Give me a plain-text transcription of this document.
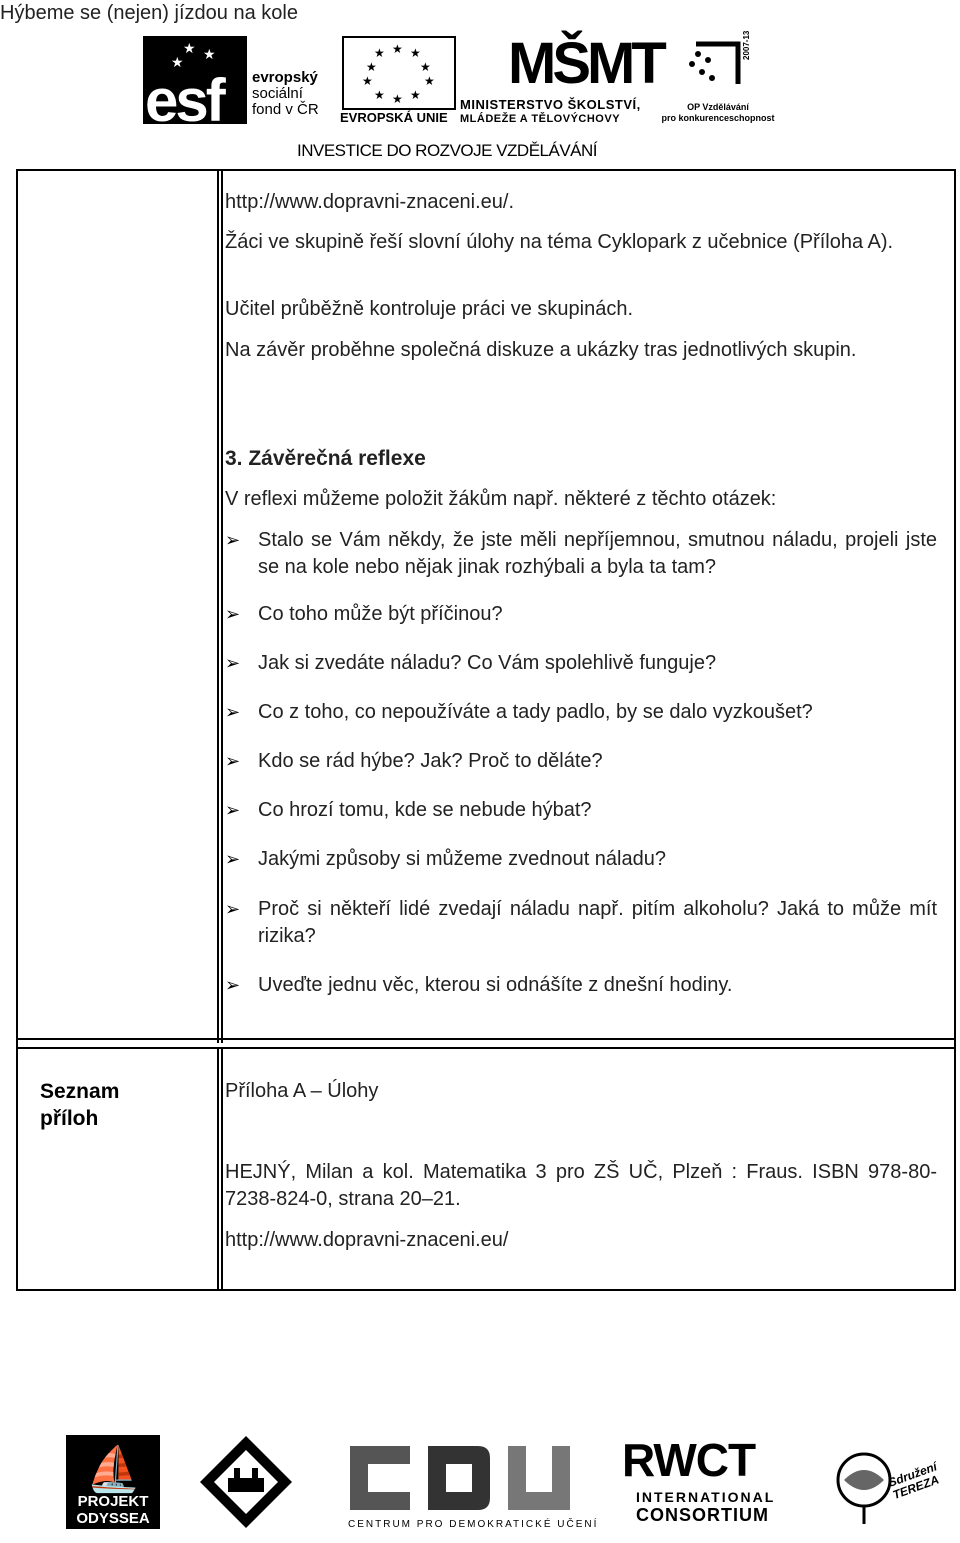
Hýbeme se (nejen) jízdou na kole
★ ★
★
esf evropský
sociální
fond v ČR
★ ★
★
★
★
★
★
★
★
★
EVROPSKÁ UNIE
MŠMT
MINISTERSTVO ŠKOLSTVÍ,
MLÁDEŽE A TĚLOVÝCHOVY
2007-13
OP Vzdělávání
pro konkurenceschopnost
INVESTICE DO ROZVOJE VZDĚLÁVÁNÍ
http://www.dopravni-znaceni.eu/.
Žáci ve skupině řeší slovní úlohy na téma Cyklopark z učebnice (Příloha A).
Učitel průběžně kontroluje práci ve skupinách.
Na závěr proběhne společná diskuze a ukázky tras jednotlivých skupin.
3. Závěrečná reflexe
V reflexi můžeme položit žákům např. některé z těchto otázek:
➢ Stalo se Vám někdy, že jste měli nepříjemnou, smutnou náladu, projeli jste se na kole nebo nějak jinak rozhýbali a byla ta tam?
➢ Co toho může být příčinou?
➢ Jak si zvedáte náladu? Co Vám spolehlivě funguje?
➢ Co z toho, co nepoužíváte a tady padlo, by se dalo vyzkoušet?
➢ Kdo se rád hýbe? Jak? Proč to děláte?
➢ Co hrozí tomu, kde se nebude hýbat?
➢ Jakými způsoby si můžeme zvednout náladu?
➢ Proč si někteří lidé zvedají náladu např. pitím alkoholu? Jaká to může mít rizika?
➢ Uveďte jednu věc, kterou si odnášíte z dnešní hodiny.
Seznam
příloh
Příloha A – Úlohy
HEJNÝ, Milan a kol. Matematika 3 pro ZŠ UČ, Plzeň : Fraus. ISBN 978-80-7238-824-0, strana 20–21.
http://www.dopravni-znaceni.eu/
⛵
PROJEKT
ODYSSEA	CENTRUM PRO DEMOKRATICKÉ UČENÍ
RWCT
INTERNATIONAL
CONSORTIUM
Sdružení TEREZA
